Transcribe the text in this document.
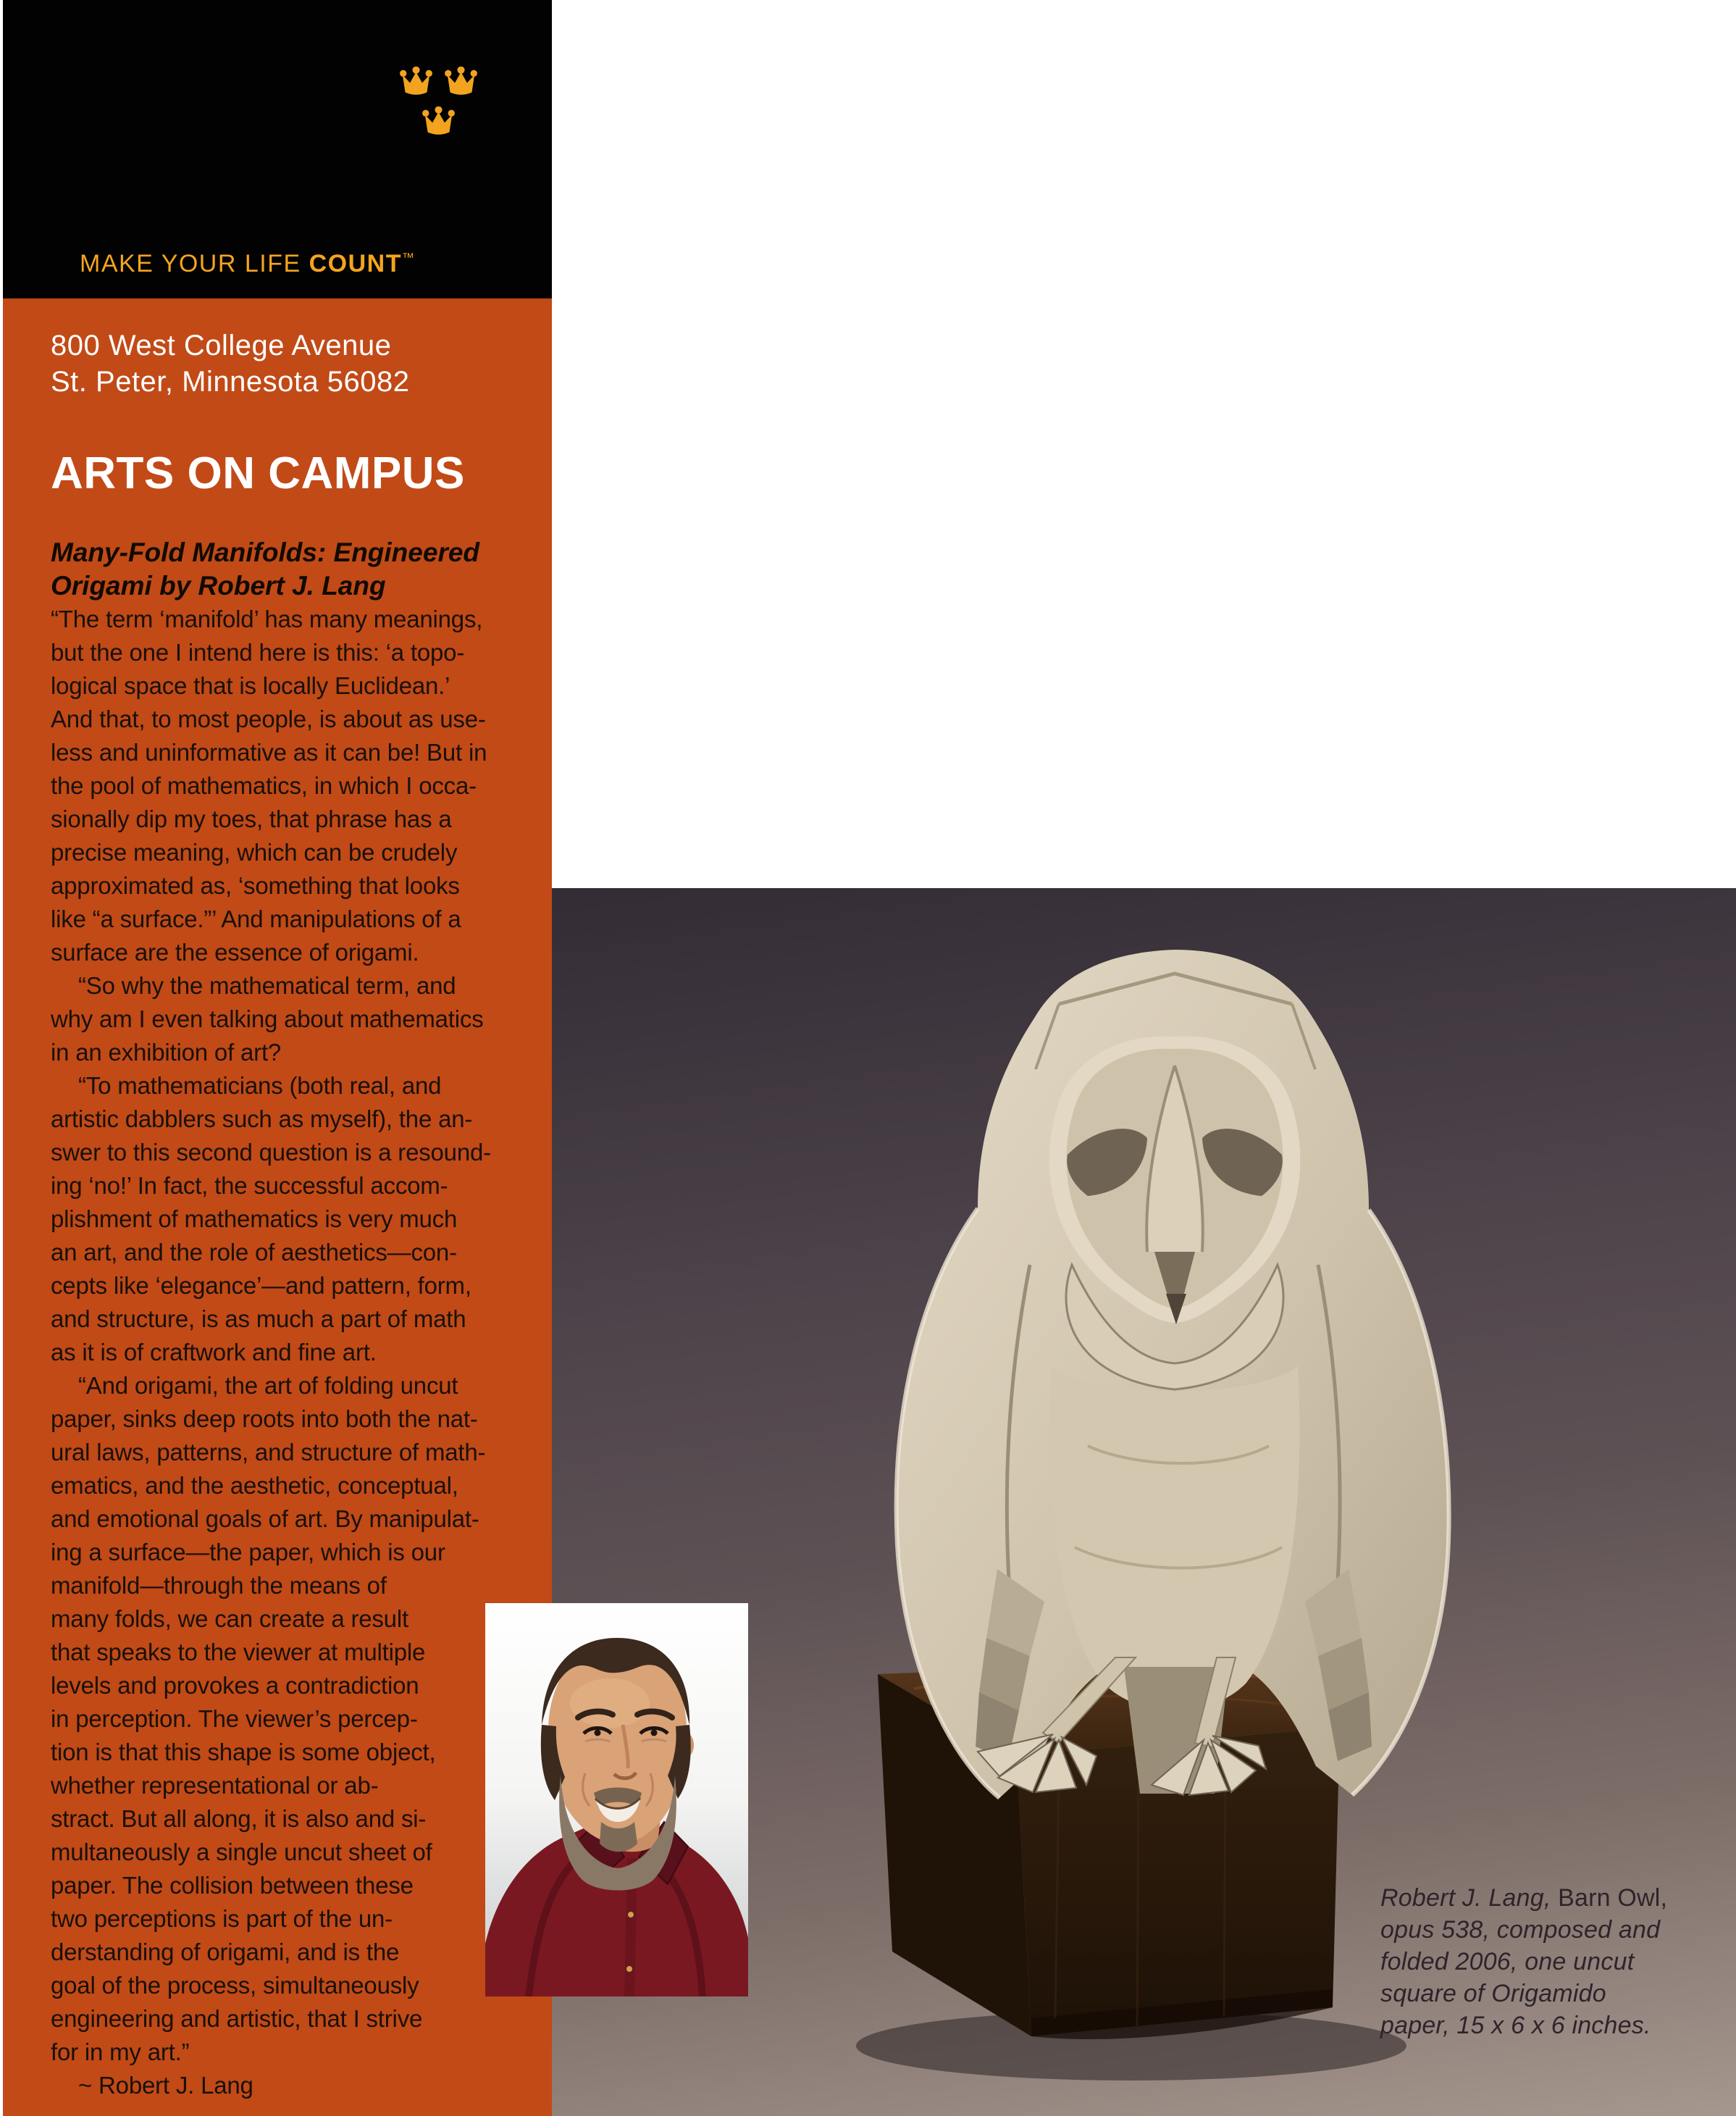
MAKE YOUR LIFE COUNT™
800 West College Avenue
St. Peter, Minnesota 56082
ARTS ON CAMPUS
Many-Fold Manifolds: Engineered
Origami by Robert J. Lang
“The term ‘manifold’ has many meanings,
but the one I intend here is this: ‘a topo-
logical space that is locally Euclidean.’
And that, to most people, is about as use-
less and uninformative as it can be! But in
the pool of mathematics, in which I occa-
sionally dip my toes, that phrase has a
precise meaning, which can be crudely
approximated as, ‘something that looks
like “a surface.”’ And manipulations of a
surface are the essence of origami.
“So why the mathematical term, and
why am I even talking about mathematics
in an exhibition of art?
“To mathematicians (both real, and
artistic dabblers such as myself), the an-
swer to this second question is a resound-
ing ‘no!’ In fact, the successful accom-
plishment of mathematics is very much
an art, and the role of aesthetics—con-
cepts like ‘elegance’—and pattern, form,
and structure, is as much a part of math
as it is of craftwork and fine art.
“And origami, the art of folding uncut
paper, sinks deep roots into both the nat-
ural laws, patterns, and structure of math-
ematics, and the aesthetic, conceptual,
and emotional goals of art. By manipulat-
ing a surface—the paper, which is our
manifold—through the means of
many folds, we can create a result
that speaks to the viewer at multiple
levels and provokes a contradiction
in perception. The viewer’s percep-
tion is that this shape is some object,
whether representational or ab-
stract. But all along, it is also and si-
multaneously a single uncut sheet of
paper. The collision between these
two perceptions is part of the un-
derstanding of origami, and is the
goal of the process, simultaneously
engineering and artistic, that I strive
for in my art.”
~ Robert J. Lang
Robert J. Lang, Barn Owl,
opus 538, composed and
folded 2006, one uncut
square of Origamido
paper, 15 x 6 x 6 inches.
